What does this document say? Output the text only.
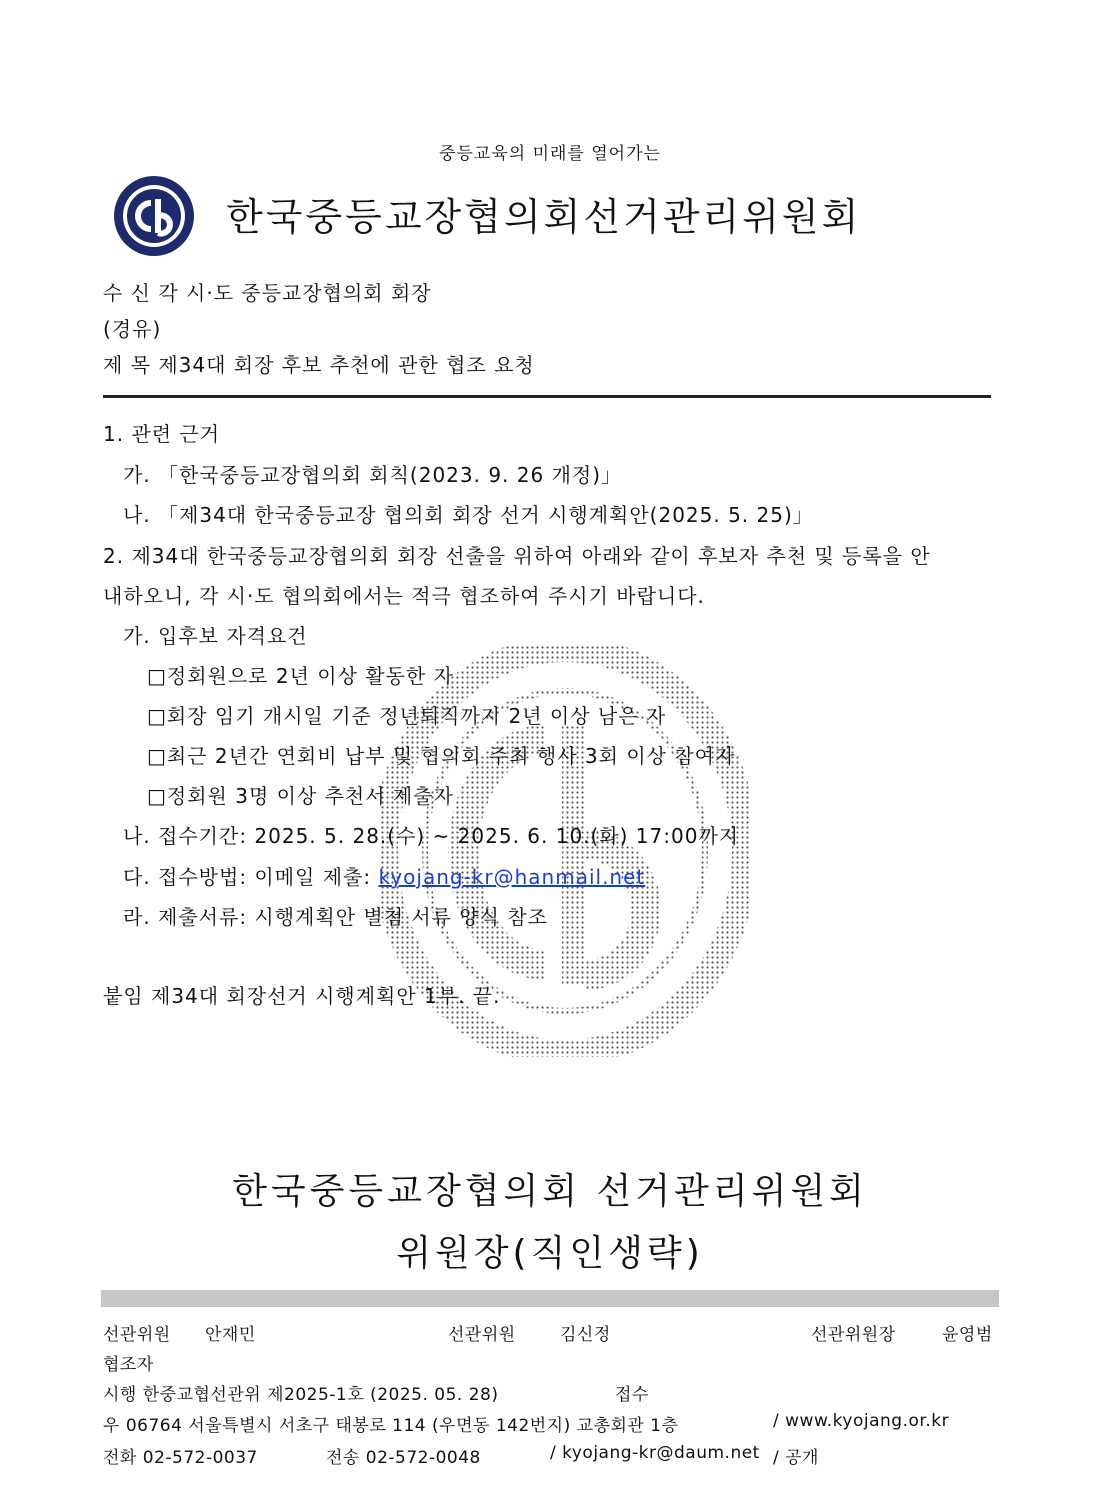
중등교육의 미래를 열어가는
한국중등교장협의회선거관리위원회
수 신 각 시·도 중등교장협의회 회장
(경유)
제 목 제34대 회장 후보 추천에 관한 협조 요청
1. 관련 근거
가. 「한국중등교장협의회 회칙(2023. 9. 26 개정)」
나. 「제34대 한국중등교장 협의회 회장 선거 시행계획안(2025. 5. 25)」
2. 제34대 한국중등교장협의회 회장 선출을 위하여 아래와 같이 후보자 추천 및 등록을 안
내하오니, 각 시·도 협의회에서는 적극 협조하여 주시기 바랍니다.
가. 입후보 자격요건
□정회원으로 2년 이상 활동한 자
□회장 임기 개시일 기준 정년퇴직까지 2년 이상 남은 자
□최근 2년간 연회비 납부 및 협의회 주최 행사 3회 이상 참여자
□정회원 3명 이상 추천서 제출자
나. 접수기간: 2025. 5. 28.(수) ~ 2025. 6. 10.(화) 17:00까지
다. 접수방법: 이메일 제출: kyojang-kr@hanmail.net
라. 제출서류: 시행계획안 별첨 서류 양식 참조
붙임 제34대 회장선거 시행계획안 1부. 끝.
한국중등교장협의회 선거관리위원회
위원장(직인생략)
선관위원 안재민	선관위원	김신정	선관위원장	윤영범
협조자
시행 한중교협선관위 제2025-1호 (2025. 05. 28)	접수
우 06764 서울특별시 서초구 태봉로 114 (우면동 142번지) 교총회관 1층	/ www.kyojang.or.kr
전화 02-572-0037	전송 02-572-0048	/ kyojang-kr@daum.net / 공개
